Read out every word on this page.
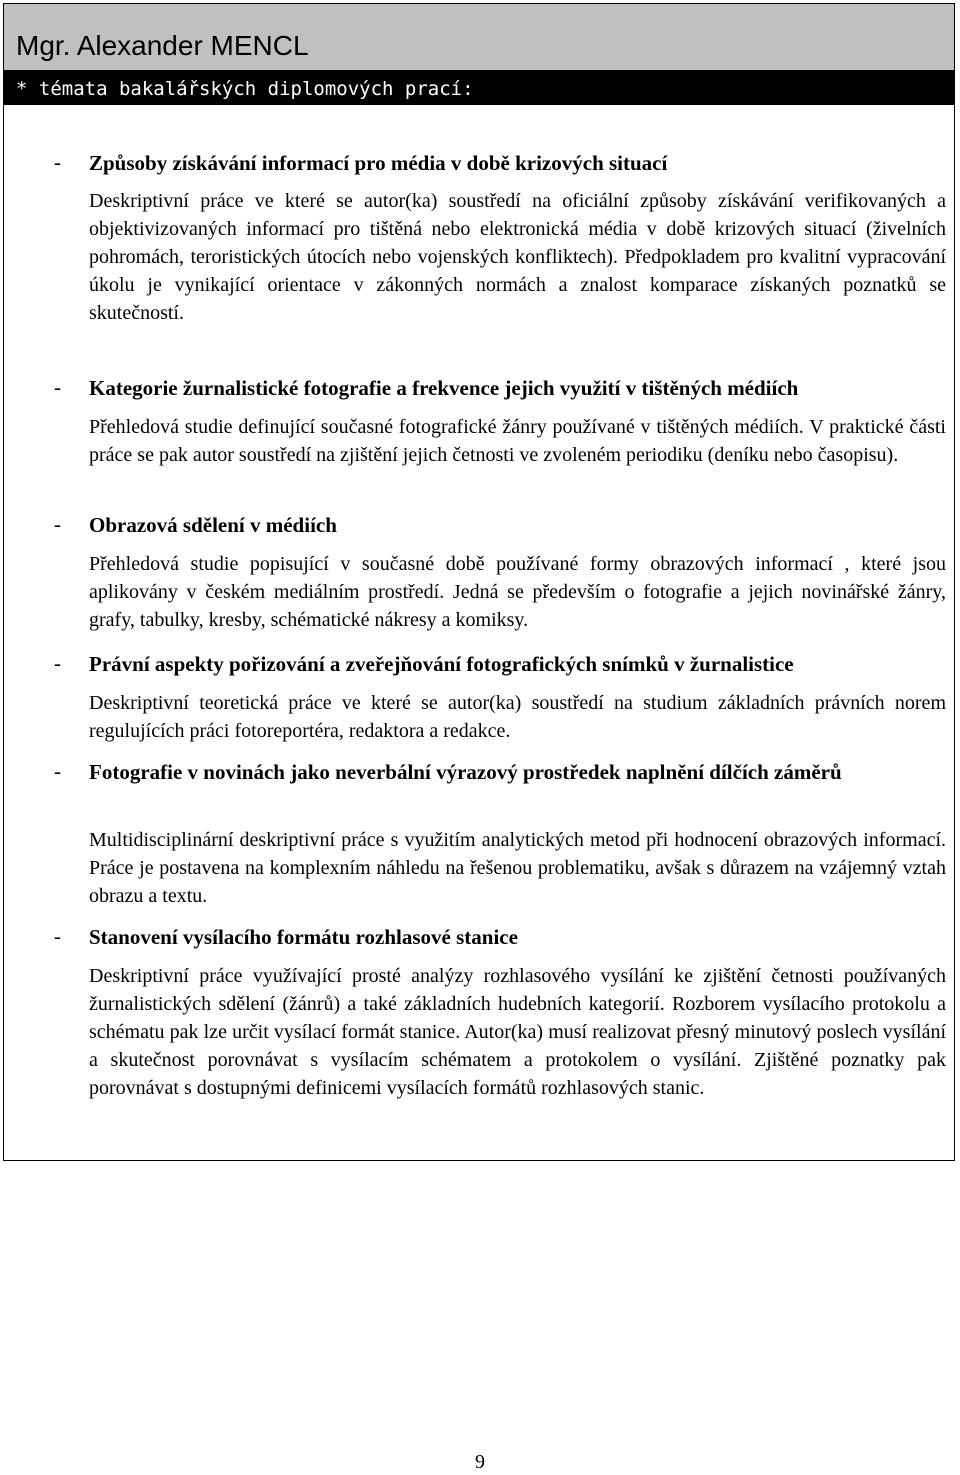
Mgr. Alexander MENCL
* témata bakalářských diplomových prací:
- Způsoby získávání informací pro média v době krizových situací
Deskriptivní práce ve které se autor(ka) soustředí na oficiální způsoby získávání verifikovaných a objektivizovaných informací pro tištěná nebo elektronická média v době krizových situací (živelních pohromách, teroristických útocích nebo vojenských konfliktech). Předpokladem pro kvalitní vypracování úkolu je vynikající orientace v zákonných normách a znalost komparace získaných poznatků se skutečností.
- Kategorie žurnalistické fotografie a frekvence jejich využití v tištěných médiích
Přehledová studie definující současné fotografické žánry používané v tištěných médiích. V praktické části práce se pak autor soustředí na zjištění jejich četnosti ve zvoleném periodiku (deníku nebo časopisu).
- Obrazová sdělení v médiích
Přehledová studie popisující v současné době používané formy obrazových informací , které jsou aplikovány v českém mediálním prostředí. Jedná se především o fotografie a jejich novinářské žánry, grafy, tabulky, kresby, schématické nákresy a komiksy.
- Právní aspekty pořizování a zveřejňování fotografických snímků v žurnalistice
Deskriptivní teoretická práce ve které se autor(ka) soustředí na studium základních právních norem regulujících práci fotoreportéra, redaktora a redakce.
- Fotografie v novinách jako neverbální výrazový prostředek naplnění dílčích záměrů
Multidisciplinární deskriptivní práce s využitím analytických metod při hodnocení obrazových informací. Práce je postavena na komplexním náhledu na řešenou problematiku, avšak s důrazem na vzájemný vztah obrazu a textu.
- Stanovení vysílacího formátu rozhlasové stanice
Deskriptivní práce využívající prosté analýzy rozhlasového vysílání ke zjištění četnosti používaných žurnalistických sdělení (žánrů) a také základních hudebních kategorií. Rozborem vysílacího protokolu a schématu pak lze určit vysílací formát stanice. Autor(ka) musí realizovat přesný minutový poslech vysílání a skutečnost porovnávat s vysílacím schématem a protokolem o vysílání. Zjištěné poznatky pak porovnávat s dostupnými definicemi vysílacích formátů rozhlasových stanic.
9
